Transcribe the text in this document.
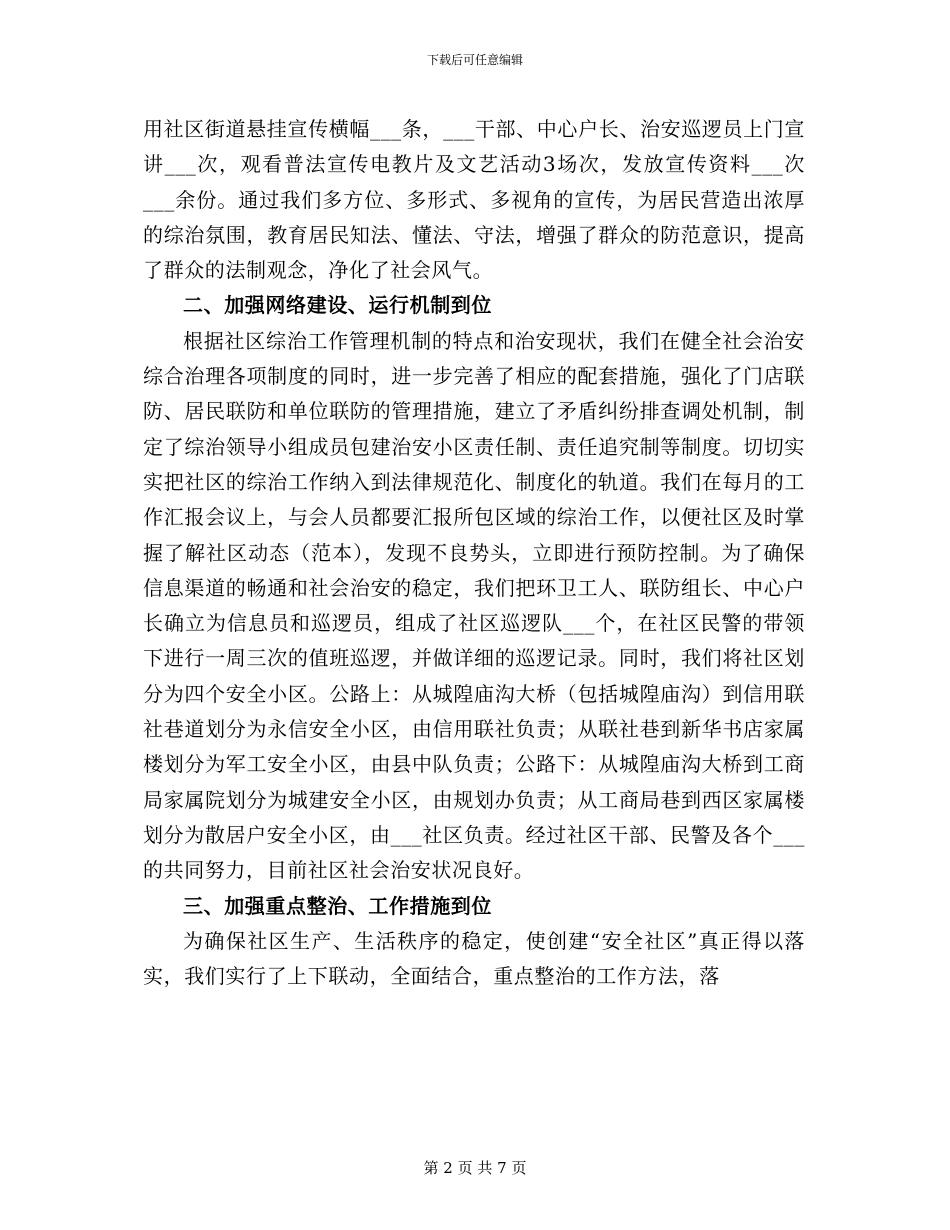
下载后可任意编辑

用社区街道悬挂宣传横幅___条，___干部、中心户长、治安巡逻员上门宣讲___次，观看普法宣传电教片及文艺活动3场次，发放宣传资料___次___余份。通过我们多方位、多形式、多视角的宣传，为居民营造出浓厚的综治氛围，教育居民知法、懂法、守法，增强了群众的防范意识，提高了群众的法制观念，净化了社会风气。

二、加强网络建设、运行机制到位

根据社区综治工作管理机制的特点和治安现状，我们在健全社会治安综合治理各项制度的同时，进一步完善了相应的配套措施，强化了门店联防、居民联防和单位联防的管理措施，建立了矛盾纠纷排查调处机制，制定了综治领导小组成员包建治安小区责任制、责任追究制等制度。切切实实把社区的综治工作纳入到法律规范化、制度化的轨道。我们在每月的工作汇报会议上，与会人员都要汇报所包区域的综治工作，以便社区及时掌握了解社区动态（范本），发现不良势头，立即进行预防控制。为了确保信息渠道的畅通和社会治安的稳定，我们把环卫工人、联防组长、中心户长确立为信息员和巡逻员，组成了社区巡逻队___个，在社区民警的带领下进行一周三次的值班巡逻，并做详细的巡逻记录。同时，我们将社区划分为四个安全小区。公路上：从城隍庙沟大桥（包括城隍庙沟）到信用联社巷道划分为永信安全小区，由信用联社负责；从联社巷到新华书店家属楼划分为军工安全小区，由县中队负责；公路下：从城隍庙沟大桥到工商局家属院划分为城建安全小区，由规划办负责；从工商局巷到西区家属楼划分为散居户安全小区，由___社区负责。经过社区干部、民警及各个___的共同努力，目前社区社会治安状况良好。

三、加强重点整治、工作措施到位

为确保社区生产、生活秩序的稳定，使创建“安全社区”真正得以落实，我们实行了上下联动，全面结合，重点整治的工作方法，落

第 2 页 共 7 页
